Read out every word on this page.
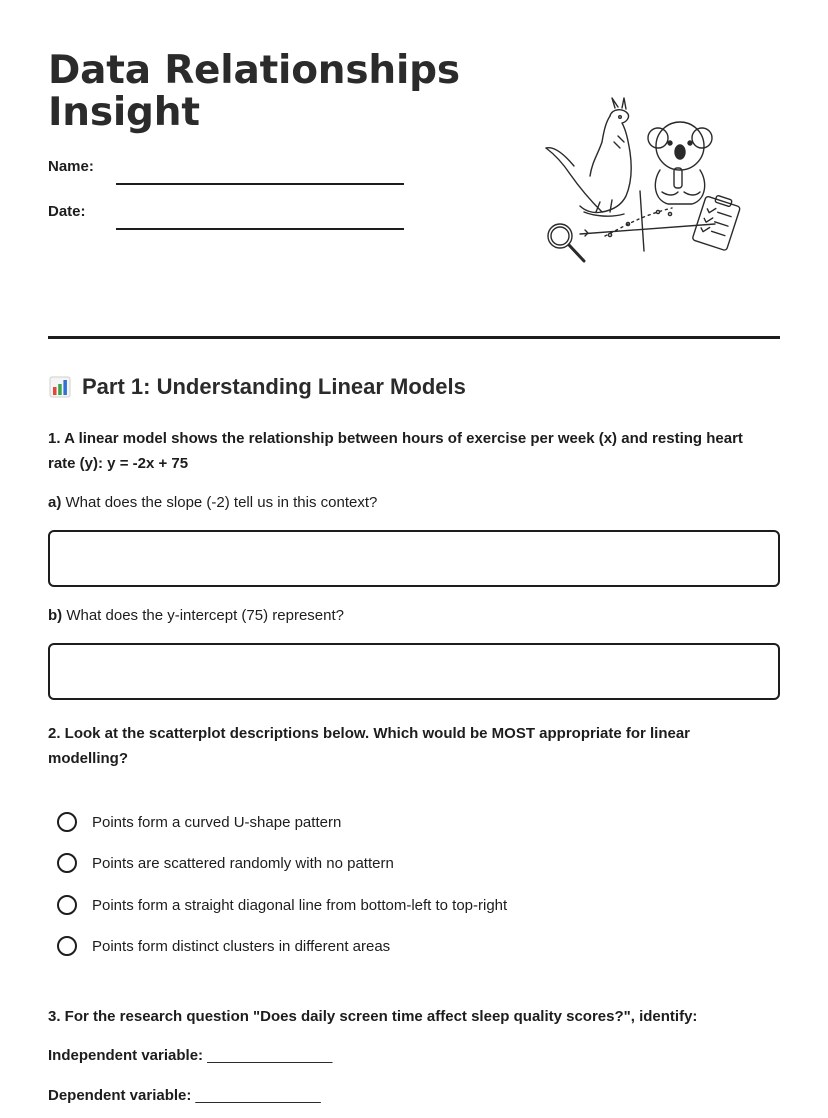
Data Relationships
Insight
Name:
Date:
Part 1: Understanding Linear Models
1. A linear model shows the relationship between hours of exercise per week (x) and resting heart rate (y): y = -2x + 75
a) What does the slope (-2) tell us in this context?
b) What does the y-intercept (75) represent?
2. Look at the scatterplot descriptions below. Which would be MOST appropriate for linear modelling?
Points form a curved U-shape pattern
Points are scattered randomly with no pattern
Points form a straight diagonal line from bottom-left to top-right
Points form distinct clusters in different areas
3. For the research question "Does daily screen time affect sleep quality scores?", identify:
Independent variable: _______________
Dependent variable: _______________
